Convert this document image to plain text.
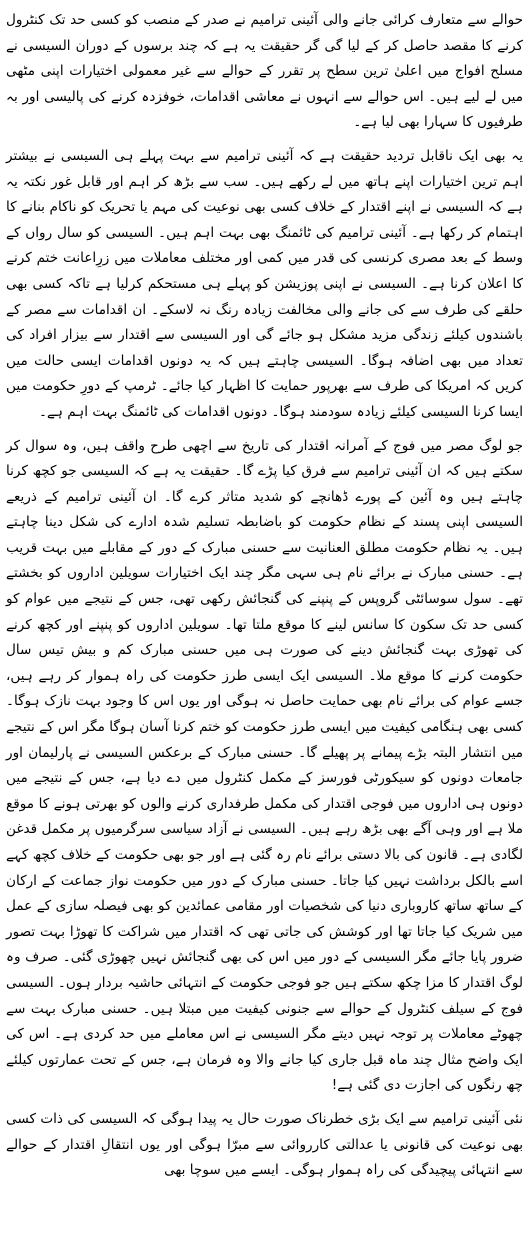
حوالے سے متعارف کرائی جانے والی آئینی ترامیم نے صدر کے منصب کو کسی حد تک کنٹرول کرنے کا مقصد حاصل کر کے لیا گی گر حقیقت یہ ہے کہ چند برسوں کے دوران السیسی نے مسلح افواج میں اعلیٰ ترین سطح پر تقرر کے حوالے سے غیر معمولی اختیارات اپنی مٹھی میں لے لیے ہیں۔ اس حوالے سے انہوں نے معاشی اقدامات، خوفزدہ کرنے کی پالیسی اور بہ طرفیوں کا سہارا بھی لیا ہے۔

یہ بھی ایک ناقابل تردید حقیقت ہے کہ آئینی ترامیم سے بہت پہلے ہی السیسی نے بیشتر اہم ترین اختیارات اپنے ہاتھ میں لے رکھے ہیں۔ سب سے بڑھ کر اہم اور قابل غور نکتہ یہ ہے کہ السیسی نے اپنے اقتدار کے خلاف کسی بھی نوعیت کی مہم یا تحریک کو ناکام بنانے کا اہتمام کر رکھا ہے۔ آئینی ترامیم کی ٹائمنگ بھی بہت اہم ہیں۔ السیسی کو سال رواں کے وسط کے بعد مصری کرنسی کی قدر میں کمی اور مختلف معاملات میں زرِاعانت ختم کرنے کا اعلان کرنا ہے۔ السیسی نے اپنی پوزیشن کو پہلے ہی مستحکم کرلیا ہے تاکہ کسی بھی حلقے کی طرف سے کی جانے والی مخالفت زیادہ رنگ نہ لاسکے۔ ان اقدامات سے مصر کے باشندوں کیلئے زندگی مزید مشکل ہو جائے گی اور السیسی سے اقتدار سے بیزار افراد کی تعداد میں بھی اضافہ ہوگا۔ السیسی چاہتے ہیں کہ یہ دونوں اقدامات ایسی حالت میں کریں کہ امریکا کی طرف سے بھرپور حمایت کا اظہار کیا جائے۔ ٹرمپ کے دورِ حکومت میں ایسا کرنا السیسی کیلئے زیادہ سودمند ہوگا۔ دونوں اقدامات کی ٹائمنگ بہت اہم ہے۔

جو لوگ مصر میں فوج کے آمرانہ اقتدار کی تاریخ سے اچھی طرح واقف ہیں، وہ سوال کر سکتے ہیں کہ ان آئینی ترامیم سے فرق کیا پڑے گا۔ حقیقت یہ ہے کہ السیسی جو کچھ کرنا چاہتے ہیں وہ آئین کے پورے ڈھانچے کو شدید متاثر کرے گا۔ ان آئینی ترامیم کے ذریعے السیسی اپنی پسند کے نظام حکومت کو باضابطہ تسلیم شدہ ادارے کی شکل دینا چاہتے ہیں۔ یہ نظام حکومت مطلق العنانیت سے حسنی مبارک کے دور کے مقابلے میں بہت قریب ہے۔ حسنی مبارک نے برائے نام ہی سہی مگر چند ایک اختیارات سویلین اداروں کو بخشتے تھے۔ سول سوسائٹی گروپس کے پنپنے کی گنجائش رکھی تھی، جس کے نتیجے میں عوام کو کسی حد تک سکون کا سانس لینے کا موقع ملتا تھا۔ سویلین اداروں کو پنپنے اور کچھ کرنے کی تھوڑی بہت گنجائش دینے کی صورت ہی میں حسنی مبارک کم و بیش تیس سال حکومت کرنے کا موقع ملا۔ السیسی ایک ایسی طرز حکومت کی راہ ہموار کر رہے ہیں، جسے عوام کی برائے نام بھی حمایت حاصل نہ ہوگی اور یوں اس کا وجود بہت نازک ہوگا۔ کسی بھی ہنگامی کیفیت میں ایسی طرز حکومت کو ختم کرنا آسان ہوگا مگر اس کے نتیجے میں انتشار البتہ بڑے پیمانے پر پھیلے گا۔ حسنی مبارک کے برعکس السیسی نے پارلیمان اور جامعات دونوں کو سیکورٹی فورسز کے مکمل کنٹرول میں دے دیا ہے، جس کے نتیجے میں دونوں ہی اداروں میں فوجی اقتدار کی مکمل طرفداری کرنے والوں کو بھرتی ہونے کا موقع ملا ہے اور وہی آگے بھی بڑھ رہے ہیں۔ السیسی نے آزاد سیاسی سرگرمیوں پر مکمل قدغن لگادی ہے۔ قانون کی بالا دستی برائے نام رہ گئی ہے اور جو بھی حکومت کے خلاف کچھ کہے اسے بالکل برداشت نہیں کیا جاتا۔ حسنی مبارک کے دور میں حکومت نواز جماعت کے ارکان کے ساتھ ساتھ کاروباری دنیا کی شخصیات اور مقامی عمائدین کو بھی فیصلہ سازی کے عمل میں شریک کیا جاتا تھا اور کوشش کی جاتی تھی کہ اقتدار میں شراکت کا تھوڑا بہت تصور ضرور پایا جائے مگر السیسی کے دور میں اس کی بھی گنجائش نہیں چھوڑی گئی۔ صرف وہ لوگ اقتدار کا مزا چکھ سکتے ہیں جو فوجی حکومت کے انتہائی حاشیہ بردار ہوں۔ السیسی فوج کے سیلف کنٹرول کے حوالے سے جنونی کیفیت میں مبتلا ہیں۔ حسنی مبارک بہت سے چھوٹے معاملات پر توجہ نہیں دیتے مگر السیسی نے اس معاملے میں حد کردی ہے۔ اس کی ایک واضح مثال چند ماہ قبل جاری کیا جانے والا وہ فرمان ہے، جس کے تحت عمارتوں کیلئے چھ رنگوں کی اجازت دی گئی ہے!

نئی آئینی ترامیم سے ایک بڑی خطرناک صورت حال یہ پیدا ہوگی کہ السیسی کی ذات کسی بھی نوعیت کی قانونی یا عدالتی کارروائی سے مبرّا ہوگی اور یوں انتقالِ اقتدار کے حوالے سے انتہائی پیچیدگی کی راہ ہموار ہوگی۔ ایسے میں سوچا بھی
